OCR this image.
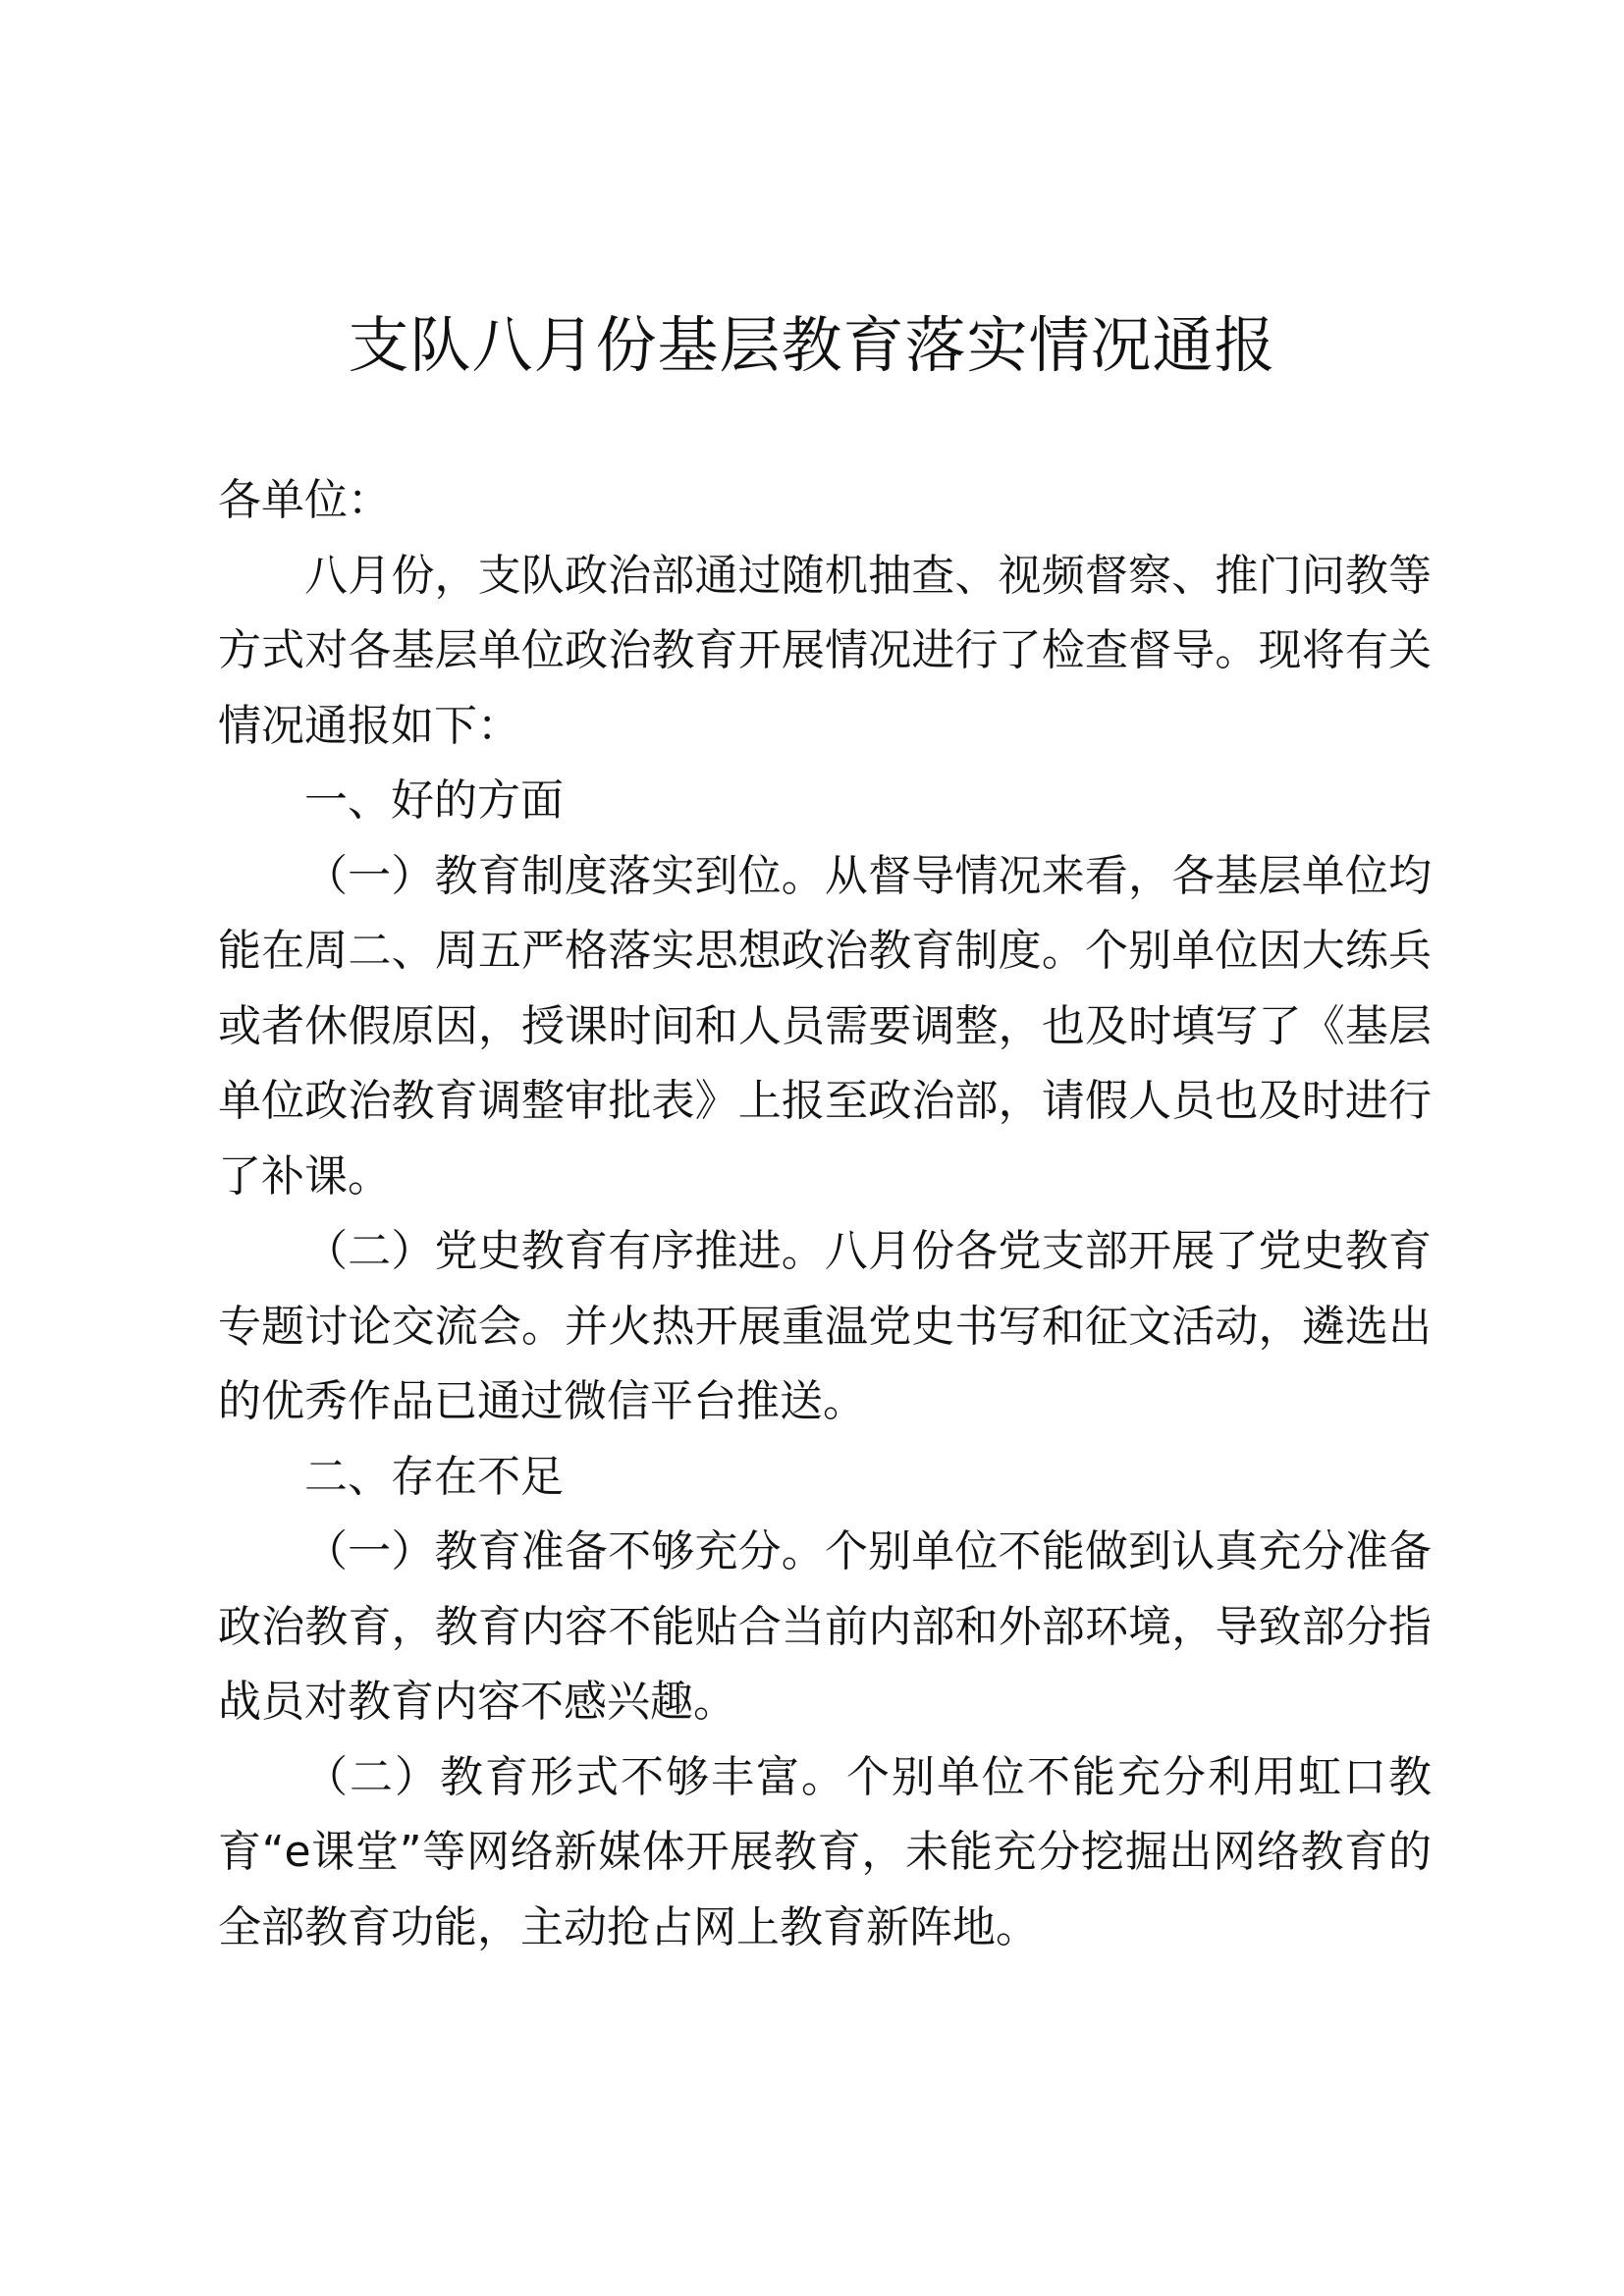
支队八月份基层教育落实情况通报

各单位：

八月份，支队政治部通过随机抽查、视频督察、推门问教等方式对各基层单位政治教育开展情况进行了检查督导。现将有关情况通报如下：

一、好的方面

（一）教育制度落实到位。从督导情况来看，各基层单位均能在周二、周五严格落实思想政治教育制度。个别单位因大练兵或者休假原因，授课时间和人员需要调整，也及时填写了《基层单位政治教育调整审批表》上报至政治部，请假人员也及时进行了补课。

（二）党史教育有序推进。八月份各党支部开展了党史教育专题讨论交流会。并火热开展重温党史书写和征文活动，遴选出的优秀作品已通过微信平台推送。

二、存在不足

（一）教育准备不够充分。个别单位不能做到认真充分准备政治教育，教育内容不能贴合当前内部和外部环境，导致部分指战员对教育内容不感兴趣。

（二）教育形式不够丰富。个别单位不能充分利用虹口教育“e课堂”等网络新媒体开展教育，未能充分挖掘出网络教育的全部教育功能，主动抢占网上教育新阵地。
